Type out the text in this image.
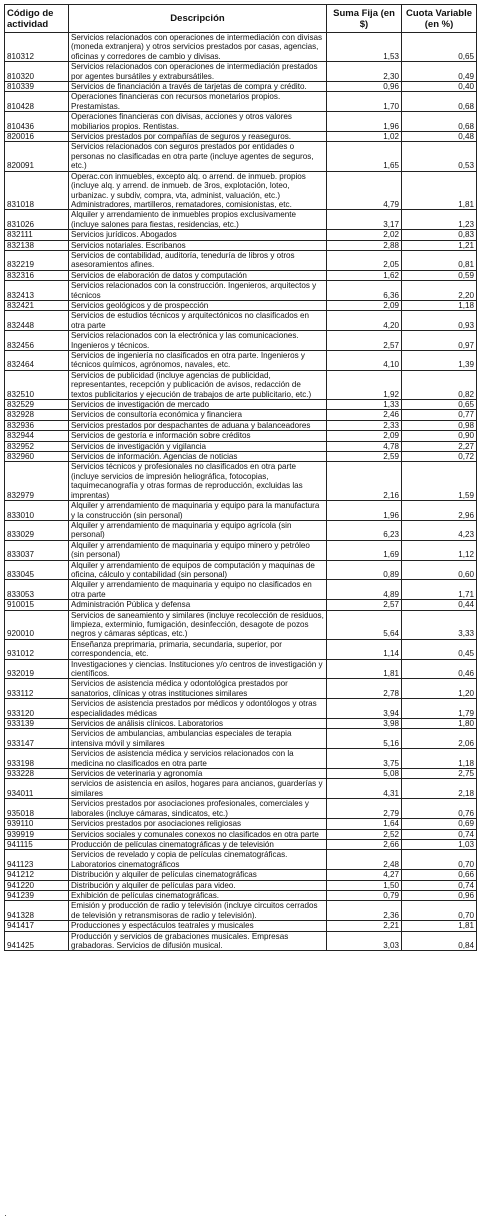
Código de actividad	Descripción	Suma Fija (en $)	Cuota Variable (en %)
810312	Servicios relacionados con operaciones de intermediación con divisas (moneda extranjera) y otros servicios prestados por casas, agencias, oficinas y corredores de cambio y divisas.	1,53	0,65
810320	Servicios relacionados con operaciones de intermediación prestados por agentes bursátiles y extrabursátiles.	2,30	0,49
810339	Servicios de financiación a través de tarjetas de compra y crédito.	0,96	0,40
810428	Operaciones financieras con recursos monetarios propios. Prestamistas.	1,70	0,68
810436	Operaciones financieras con divisas, acciones y otros valores mobiliarios propios. Rentistas.	1,96	0,68
820016	Servicios prestados por compañías de seguros y reaseguros.	1,02	0,48
820091	Servicios relacionados con seguros prestados por entidades o personas no clasificadas en otra parte (incluye agentes de seguros, etc.)	1,65	0,53
831018	Operac.con inmuebles, excepto alq. o arrend. de inmueb. propios (incluye alq. y arrend. de inmueb. de 3ros, explotación, loteo, urbanizac. y subdiv, compra, vta, administ, valuación, etc.) Administradores, martilleros, rematadores, comisionistas, etc.	4,79	1,81
831026	Alquiler y arrendamiento de inmuebles propios exclusivamente (incluye salones para fiestas, residencias, etc.)	3,17	1,23
832111	Servicios jurídicos. Abogados	2,02	0,83
832138	Servicios notariales. Escribanos	2,88	1,21
832219	Servicios de contabilidad, auditoría, teneduría de libros y otros asesoramientos afines.	2,05	0,81
832316	Servicios de elaboración de datos y computación	1,62	0,59
832413	Servicios relacionados con la construcción. Ingenieros, arquitectos y técnicos	6,36	2,20
832421	Servicios geológicos y de prospección	2,09	1,18
832448	Servicios de estudios técnicos y arquitectónicos no clasificados en otra parte	4,20	0,93
832456	Servicios relacionados con la electrónica y las comunicaciones. Ingenieros y técnicos.	2,57	0,97
832464	Servicios de ingeniería no clasificados en otra parte. Ingenieros y técnicos químicos, agrónomos, navales, etc.	4,10	1,39
832510	Servicios de publicidad (incluye agencias de publicidad, representantes, recepción y publicación de avisos, redacción de textos publicitarios y ejecución de trabajos de arte publicitario, etc.)	1,92	0,82
832529	Servicios de investigación de mercado	1,33	0,65
832928	Servicios de consultoría económica y financiera	2,46	0,77
832936	Servicios prestados por despachantes de aduana y balanceadores	2,33	0,98
832944	Servicios de gestoría e información sobre créditos	2,09	0,90
832952	Servicios de investigación y vigilancia	4,78	2,27
832960	Servicios de información. Agencias de noticias	2,59	0,72
832979	Servicios técnicos y profesionales no clasificados en otra parte (incluye servicios de impresión heliográfica, fotocopias, taquimecanografía y otras formas de reproducción, excluidas las imprentas)	2,16	1,59
833010	Alquiler y arrendamiento de maquinaria y equipo para la manufactura y la construcción (sin personal)	1,96	2,96
833029	Alquiler y arrendamiento de maquinaria y equipo agrícola (sin personal)	6,23	4,23
833037	Alquiler y arrendamiento de maquinaria y equipo minero y petróleo (sin personal)	1,69	1,12
833045	Alquiler y arrendamiento de equipos de computación y maquinas de oficina, cálculo y contabilidad (sin personal)	0,89	0,60
833053	Alquiler y arrendamiento de maquinaria y equipo no clasificados en otra parte	4,89	1,71
910015	Administración Pública y defensa	2,57	0,44
920010	Servicios de saneamiento y similares (incluye recolección de residuos, limpieza, exterminio, fumigación, desinfección, desagote de pozos negros y cámaras sépticas, etc.)	5,64	3,33
931012	Enseñanza preprimaria, primaria, secundaria, superior, por correspondencia, etc.	1,14	0,45
932019	Investigaciones y ciencias. Instituciones y/o centros de investigación y científicos.	1,81	0,46
933112	Servicios de asistencia médica y odontológica prestados por sanatorios, clínicas y otras instituciones similares	2,78	1,20
933120	Servicios de asistencia prestados por médicos y odontólogos y otras especialidades médicas	3,94	1,79
933139	Servicios de análisis clínicos. Laboratorios	3,98	1,80
933147	Servicios de ambulancias, ambulancias especiales de terapia intensiva móvil y similares	5,16	2,06
933198	Servicios de asistencia médica y servicios relacionados con la medicina no clasificados en otra parte	3,75	1,18
933228	Servicios de veterinaria y agronomía	5,08	2,75
934011	servicios de asistencia en asilos, hogares para ancianos, guarderías y similares	4,31	2,18
935018	Servicios prestados por asociaciones profesionales, comerciales y laborales (incluye cámaras, sindicatos, etc.)	2,79	0,76
939110	Servicios prestados por asociaciones religiosas	1,64	0,69
939919	Servicios sociales y comunales conexos no clasificados en otra parte	2,52	0,74
941115	Producción de películas cinematográficas y de televisión	2,66	1,03
941123	Servicios de revelado y copia de películas cinematográficas. Laboratorios cinematográficos	2,48	0,70
941212	Distribución y alquiler de películas cinematográficas	4,27	0,66
941220	Distribución y alquiler de películas para video.	1,50	0,74
941239	Exhibición de películas cinematográficas.	0,79	0,96
941328	Emisión y producción de radio y televisión (incluye circuitos cerrados de televisión y retransmisoras de radio y televisión).	2,36	0,70
941417	Producciones y espectáculos teatrales y musicales	2,21	1,81
941425	Producción y servicios de grabaciones musicales. Empresas grabadoras. Servicios de difusión musical.	3,03	0,84
·
